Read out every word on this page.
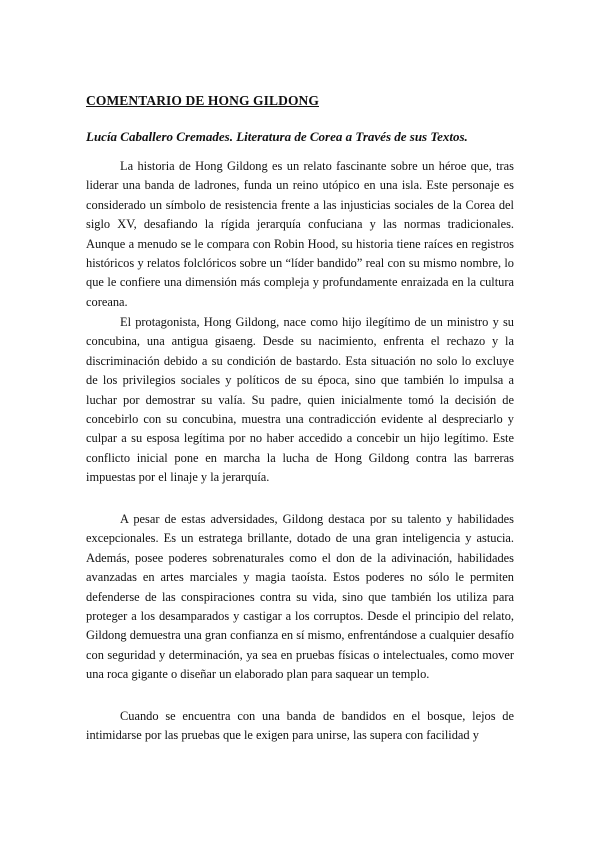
COMENTARIO DE HONG GILDONG
Lucía Caballero Cremades. Literatura de Corea a Través de sus Textos.

La historia de Hong Gildong es un relato fascinante sobre un héroe que, tras liderar una banda de ladrones, funda un reino utópico en una isla. Este personaje es considerado un símbolo de resistencia frente a las injusticias sociales de la Corea del siglo XV, desafiando la rígida jerarquía confuciana y las normas tradicionales. Aunque a menudo se le compara con Robin Hood, su historia tiene raíces en registros históricos y relatos folclóricos sobre un “líder bandido” real con su mismo nombre, lo que le confiere una dimensión más compleja y profundamente enraizada en la cultura coreana.

El protagonista, Hong Gildong, nace como hijo ilegítimo de un ministro y su concubina, una antigua gisaeng. Desde su nacimiento, enfrenta el rechazo y la discriminación debido a su condición de bastardo. Esta situación no solo lo excluye de los privilegios sociales y políticos de su época, sino que también lo impulsa a luchar por demostrar su valía. Su padre, quien inicialmente tomó la decisión de concebirlo con su concubina, muestra una contradicción evidente al despreciarlo y culpar a su esposa legítima por no haber accedido a concebir un hijo legítimo. Este conflicto inicial pone en marcha la lucha de Hong Gildong contra las barreras impuestas por el linaje y la jerarquía.

A pesar de estas adversidades, Gildong destaca por su talento y habilidades excepcionales. Es un estratega brillante, dotado de una gran inteligencia y astucia. Además, posee poderes sobrenaturales como el don de la adivinación, habilidades avanzadas en artes marciales y magia taoísta. Estos poderes no sólo le permiten defenderse de las conspiraciones contra su vida, sino que también los utiliza para proteger a los desamparados y castigar a los corruptos. Desde el principio del relato, Gildong demuestra una gran confianza en sí mismo, enfrentándose a cualquier desafío con seguridad y determinación, ya sea en pruebas físicas o intelectuales, como mover una roca gigante o diseñar un elaborado plan para saquear un templo.

Cuando se encuentra con una banda de bandidos en el bosque, lejos de intimidarse por las pruebas que le exigen para unirse, las supera con facilidad y
